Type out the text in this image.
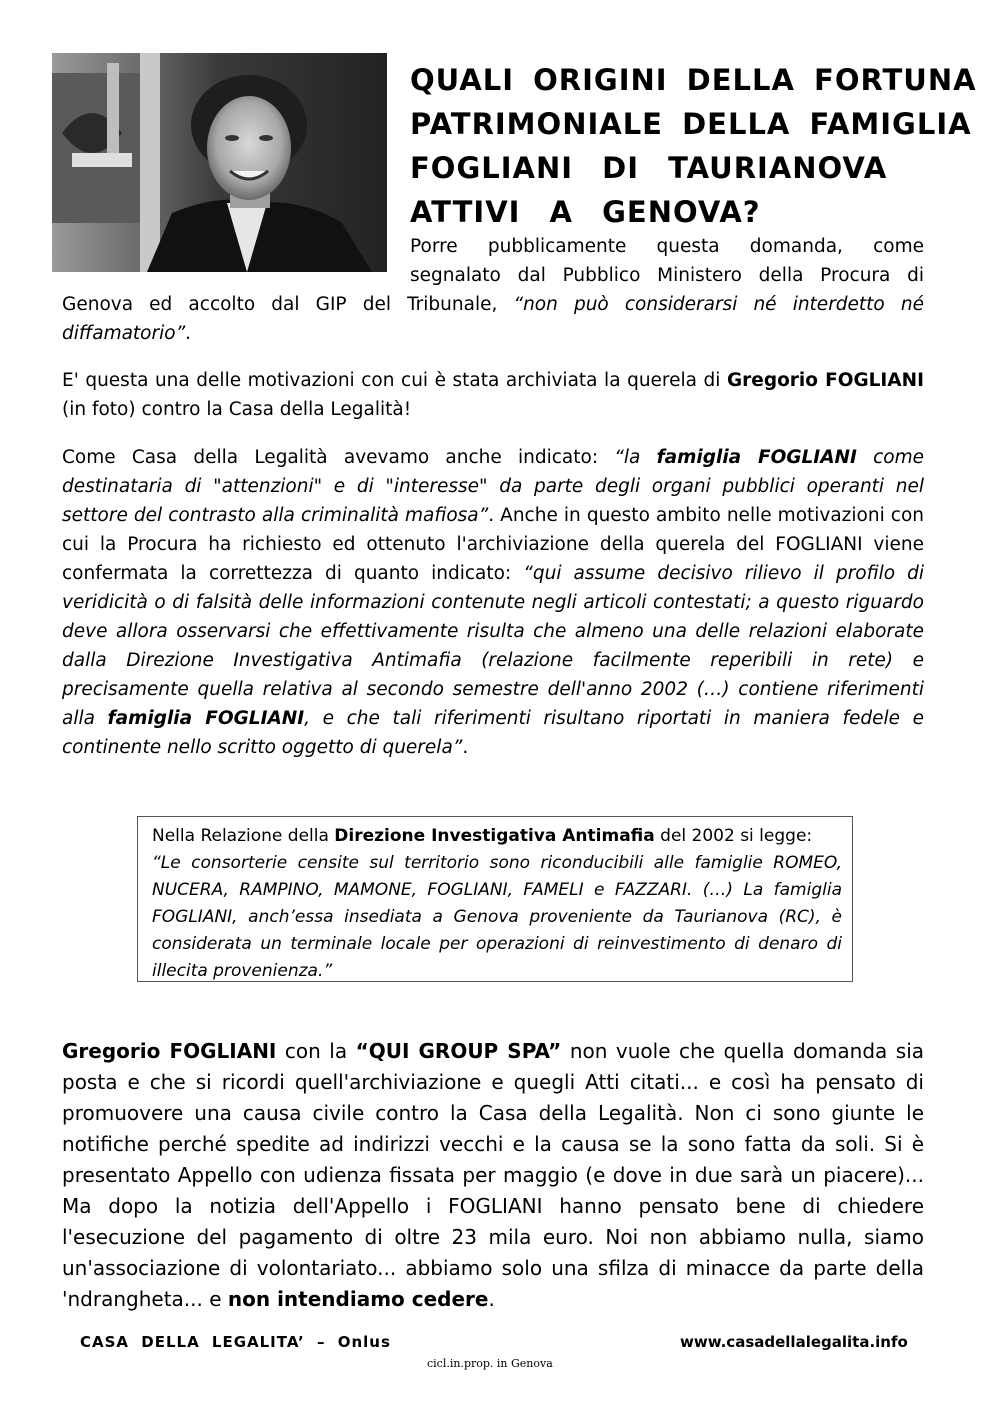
QUALI ORIGINI DELLA FORTUNA
PATRIMONIALE DELLA FAMIGLIA
FOGLIANI DI TAURIANOVA
ATTIVI A GENOVA?
Porre pubblicamente questa domanda, come
segnalato dal Pubblico Ministero della Procura di

Genova ed accolto dal GIP del Tribunale, “non può considerarsi né interdetto né diffamatorio”.

E' questa una delle motivazioni con cui è stata archiviata la querela di Gregorio FOGLIANI (in foto) contro la Casa della Legalità!

Come Casa della Legalità avevamo anche indicato: “la famiglia FOGLIANI come destinataria di "attenzioni" e di "interesse" da parte degli organi pubblici operanti nel settore del contrasto alla criminalità mafiosa”. Anche in questo ambito nelle motivazioni con cui la Procura ha richiesto ed ottenuto l'archiviazione della querela del FOGLIANI viene confermata la correttezza di quanto indicato: “qui assume decisivo rilievo il profilo di veridicità o di falsità delle informazioni contenute negli articoli contestati; a questo riguardo deve allora osservarsi che effettivamente risulta che almeno una delle relazioni elaborate dalla Direzione Investigativa Antimafia (relazione facilmente reperibili in rete) e precisamente quella relativa al secondo semestre dell'anno 2002 (…) contiene riferimenti alla famiglia FOGLIANI, e che tali riferimenti risultano riportati in maniera fedele e continente nello scritto oggetto di querela”.

Nella Relazione della Direzione Investigativa Antimafia del 2002 si legge:
“Le consorterie censite sul territorio sono riconducibili alle famiglie ROMEO, NUCERA, RAMPINO, MAMONE, FOGLIANI, FAMELI e FAZZARI. (…) La famiglia FOGLIANI, anch’essa insediata a Genova proveniente da Taurianova (RC), è considerata un terminale locale per operazioni di reinvestimento di denaro di illecita provenienza.”

Gregorio FOGLIANI con la “QUI GROUP SPA” non vuole che quella domanda sia posta e che si ricordi quell'archiviazione e quegli Atti citati... e così ha pensato di promuovere una causa civile contro la Casa della Legalità. Non ci sono giunte le notifiche perché spedite ad indirizzi vecchi e la causa se la sono fatta da soli. Si è presentato Appello con udienza fissata per maggio (e dove in due sarà un piacere)... Ma dopo la notizia dell'Appello i FOGLIANI hanno pensato bene di chiedere l'esecuzione del pagamento di oltre 23 mila euro. Noi non abbiamo nulla, siamo un'associazione di volontariato... abbiamo solo una sfilza di minacce da parte della 'ndrangheta... e non intendiamo cedere.

CASA DELLA LEGALITA’ – Onlus	www.casadellalegalita.info
cicl.in.prop. in Genova
